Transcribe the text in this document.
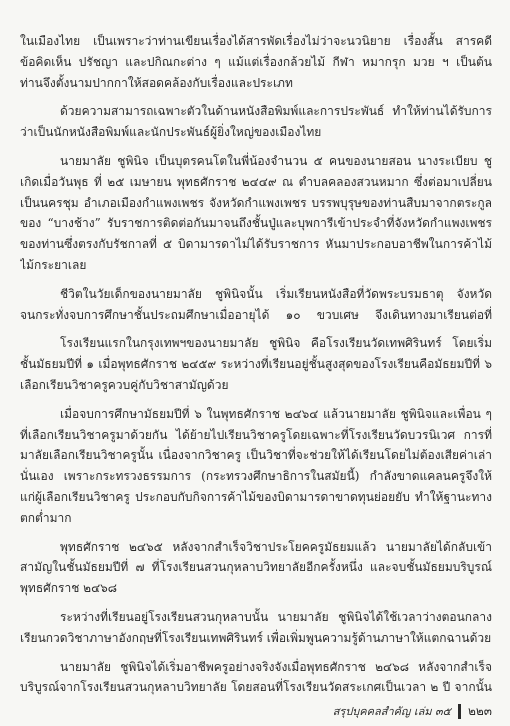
ในเมืองไทย เป็นเพราะว่าท่านเขียนเรื่องได้สารพัดเรื่องไม่ว่าจะนวนิยาย เรื่องสั้น สารคดี
ข้อคิดเห็น ปรัชญา และปกิณกะต่าง ๆ แม้แต่เรื่องกล้วยไม้ กีฬา หมากรุก มวย ฯ เป็นต้น
ท่านจึงตั้งนามปากกาให้สอดคล้องกับเรื่องและประเภท
ด้วยความสามารถเฉพาะตัวในด้านหนังสือพิมพ์และการประพันธ์ ทำให้ท่านได้รับการ
ว่าเป็นนักหนังสือพิมพ์และนักประพันธ์ผู้ยิ่งใหญ่ของเมืองไทย
นายมาลัย ชูพินิจ เป็นบุตรคนโตในพี่น้องจำนวน ๕ คนของนายสอน นางระเบียบ ชู
เกิดเมื่อวันพุธ ที่ ๒๕ เมษายน พุทธศักราช ๒๔๔๙ ณ ตำบลคลองสวนหมาก ซึ่งต่อมาเปลี่ยน
เป็นนครชุม อำเภอเมืองกำแพงเพชร จังหวัดกำแพงเพชร บรรพบุรุษของท่านสืบมาจากตระกูล
ของ “บางช้าง” รับราชการติดต่อกันมาจนถึงชั้นปู่และบุพการีเข้าประจำที่จังหวัดกำแพงเพชร
ของท่านซึ่งตรงกับรัชกาลที่ ๕ บิดามารดาไม่ได้รับราชการ หันมาประกอบอาชีพในการค้าไม้
ไม้กระยาเลย
ชีวิตในวัยเด็กของนายมาลัย ชูพินิจนั้น เริ่มเรียนหนังสือที่วัดพระบรมธาตุ จังหวัด
จนกระทั่งจบการศึกษาชั้นประถมศึกษาเมื่ออายุได้ ๑๐ ขวบเศษ จึงเดินทางมาเรียนต่อที่
โรงเรียนแรกในกรุงเทพฯของนายมาลัย ชูพินิจ คือโรงเรียนวัดเทพศิรินทร์ โดยเริ่ม
ชั้นมัธยมปีที่ ๑ เมื่อพุทธศักราช ๒๔๕๙ ระหว่างที่เรียนอยู่ชั้นสูงสุดของโรงเรียนคือมัธยมปีที่ ๖
เลือกเรียนวิชาครูควบคู่กับวิชาสามัญด้วย
เมื่อจบการศึกษามัธยมปีที่ ๖ ในพุทธศักราช ๒๔๖๔ แล้วนายมาลัย ชูพินิจและเพื่อน ๆ
ที่เลือกเรียนวิชาครูมาด้วยกัน ได้ย้ายไปเรียนวิชาครูโดยเฉพาะที่โรงเรียนวัดบวรนิเวศ การที่
มาลัยเลือกเรียนวิชาครูนั้น เนื่องจากวิชาครู เป็นวิชาที่จะช่วยให้ได้เรียนโดยไม่ต้องเสียค่าเล่า
นั่นเอง เพราะกระทรวงธรรมการ (กระทรวงศึกษาธิการในสมัยนี้) กำลังขาดแคลนครูจึงให้
แก่ผู้เลือกเรียนวิชาครู ประกอบกับกิจการค้าไม้ของบิดามารดาขาดทุนย่อยยับ ทำให้ฐานะทาง
ตกต่ำมาก
พุทธศักราช ๒๔๖๕ หลังจากสำเร็จวิชาประโยคครูมัธยมแล้ว นายมาลัยได้กลับเข้า
สามัญในชั้นมัธยมปีที่ ๗ ที่โรงเรียนสวนกุหลาบวิทยาลัยอีกครั้งหนึ่ง และจบชั้นมัธยมบริบูรณ์
พุทธศักราช ๒๔๖๘
ระหว่างที่เรียนอยู่โรงเรียนสวนกุหลาบนั้น นายมาลัย ชูพินิจได้ใช้เวลาว่างตอนกลาง
เรียนกวดวิชาภาษาอังกฤษที่โรงเรียนเทพศิรินทร์ เพื่อเพิ่มพูนความรู้ด้านภาษาให้แตกฉานด้วย
นายมาลัย ชูพินิจได้เริ่มอาชีพครูอย่างจริงจังเมื่อพุทธศักราช ๒๔๖๘ หลังจากสำเร็จ
บริบูรณ์จากโรงเรียนสวนกุหลาบวิทยาลัย โดยสอนที่โรงเรียนวัดสระเกศเป็นเวลา ๒ ปี จากนั้น
สรุปบุคคลสำคัญ เล่ม ๓๕ ๒๒๓
